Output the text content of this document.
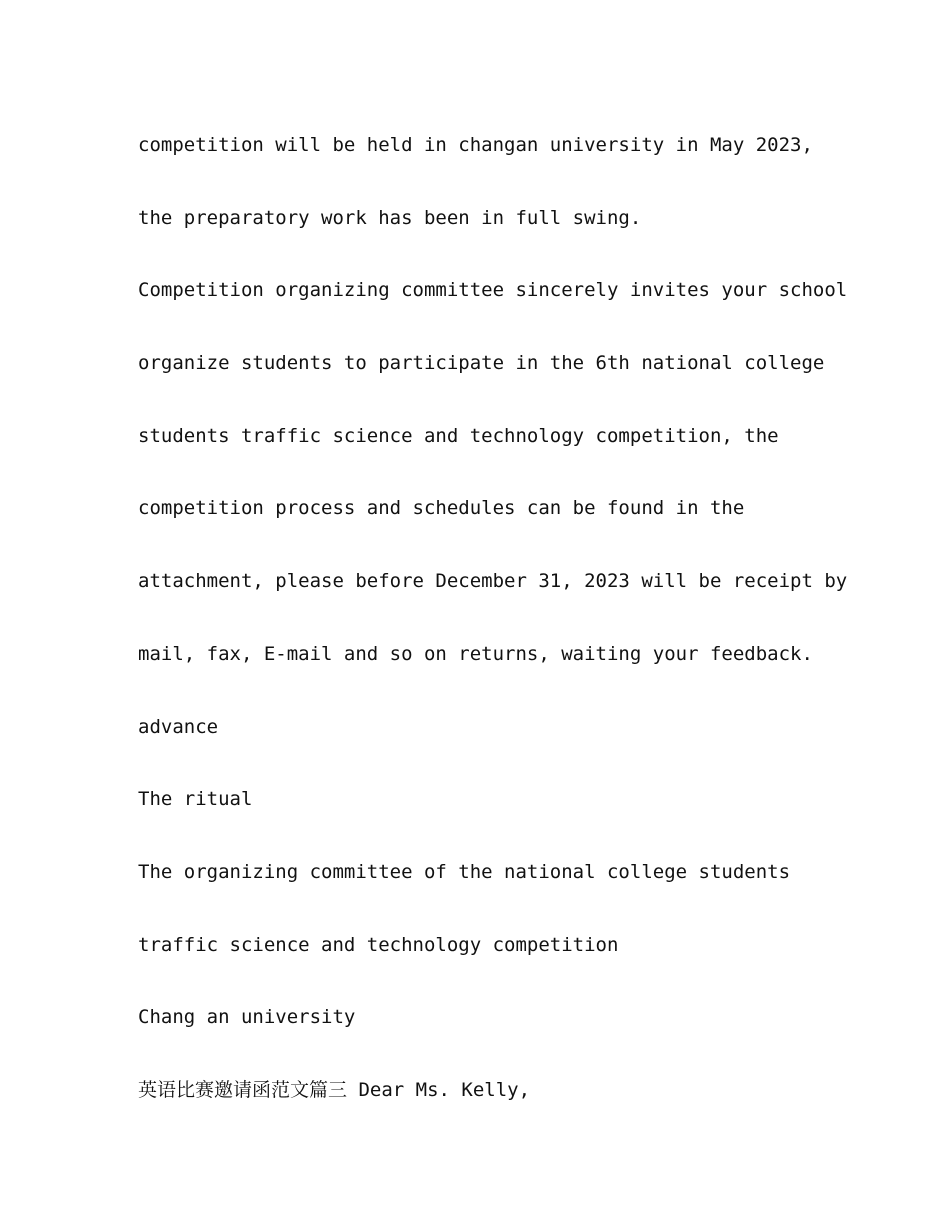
competition will be held in changan university in May 2023,
the preparatory work has been in full swing.
Competition organizing committee sincerely invites your school
organize students to participate in the 6th national college
students traffic science and technology competition, the
competition process and schedules can be found in the
attachment, please before December 31, 2023 will be receipt by
mail, fax, E-mail and so on returns, waiting your feedback.
advance
The ritual
The organizing committee of the national college students
traffic science and technology competition
Chang an university
英语比赛邀请函范文篇三 Dear Ms. Kelly,
